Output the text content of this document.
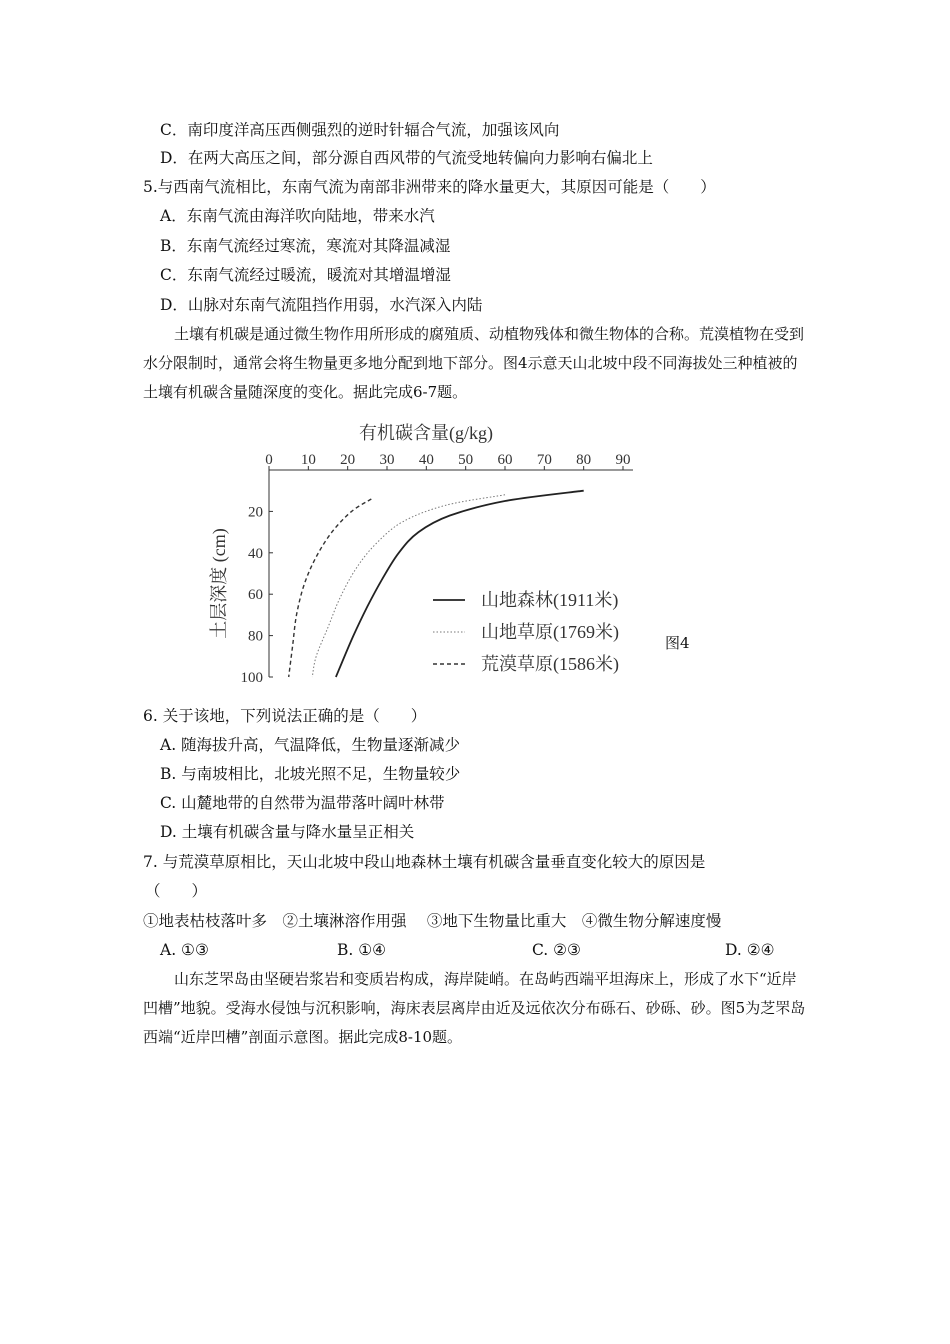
C．南印度洋高压西侧强烈的逆时针辐合气流，加强该风向
D．在两大高压之间，部分源自西风带的气流受地转偏向力影响右偏北上
5.与西南气流相比，东南气流为南部非洲带来的降水量更大，其原因可能是（　　）
A．东南气流由海洋吹向陆地，带来水汽
B．东南气流经过寒流，寒流对其降温减湿
C．东南气流经过暖流，暖流对其增温增湿
D．山脉对东南气流阻挡作用弱，水汽深入内陆
土壤有机碳是通过微生物作用所形成的腐殖质、动植物残体和微生物体的合称。荒漠植物在受到水分限制时，通常会将生物量更多地分配到地下部分。图4示意天山北坡中段不同海拔处三种植被的土壤有机碳含量随深度的变化。据此完成6-7题。
有机碳含量(g/kg)
0 10 20 30 40 50 60 70 80 90
20
40
60
80
100
土层深度 (cm)	山地森林(1911米)
山地草原(1769米)
荒漠草原(1586米)
图4
6. 关于该地，下列说法正确的是（　　）
A. 随海拔升高，气温降低，生物量逐渐减少
B. 与南坡相比，北坡光照不足，生物量较少
C. 山麓地带的自然带为温带落叶阔叶林带
D. 土壤有机碳含量与降水量呈正相关
7. 与荒漠草原相比，天山北坡中段山地森林土壤有机碳含量垂直变化较大的原因是
（　　）
①地表枯枝落叶多　②土壤淋溶作用强　 ③地下生物量比重大　④微生物分解速度慢
A. ①③	B. ①④	C. ②③	D. ②④
山东芝罘岛由坚硬岩浆岩和变质岩构成，海岸陡峭。在岛屿西端平坦海床上，形成了水下“近岸凹槽”地貌。受海水侵蚀与沉积影响，海床表层离岸由近及远依次分布砾石、砂砾、砂。图5为芝罘岛西端“近岸凹槽”剖面示意图。据此完成8-10题。
